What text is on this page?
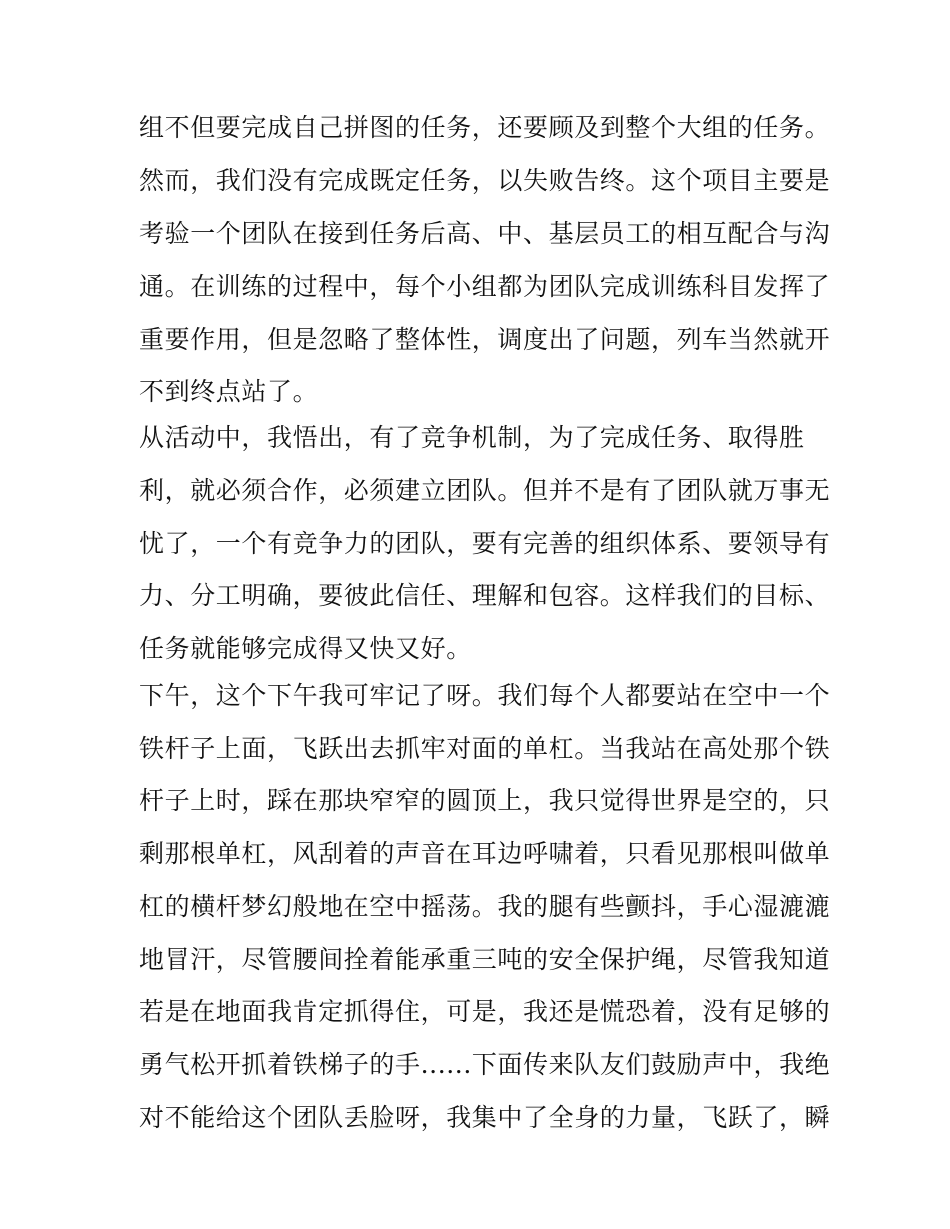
组不但要完成自己拼图的任务，还要顾及到整个大组的任务。
然而，我们没有完成既定任务，以失败告终。这个项目主要是
考验一个团队在接到任务后高、中、基层员工的相互配合与沟
通。在训练的过程中，每个小组都为团队完成训练科目发挥了
重要作用，但是忽略了整体性，调度出了问题，列车当然就开
不到终点站了。
从活动中，我悟出，有了竞争机制，为了完成任务、取得胜
利，就必须合作，必须建立团队。但并不是有了团队就万事无
忧了，一个有竞争力的团队，要有完善的组织体系、要领导有
力、分工明确，要彼此信任、理解和包容。这样我们的目标、
任务就能够完成得又快又好。
下午，这个下午我可牢记了呀。我们每个人都要站在空中一个
铁杆子上面，飞跃出去抓牢对面的单杠。当我站在高处那个铁
杆子上时，踩在那块窄窄的圆顶上，我只觉得世界是空的，只
剩那根单杠，风刮着的声音在耳边呼啸着，只看见那根叫做单
杠的横杆梦幻般地在空中摇荡。我的腿有些颤抖，手心湿漉漉
地冒汗，尽管腰间拴着能承重三吨的安全保护绳，尽管我知道
若是在地面我肯定抓得住，可是，我还是慌恐着，没有足够的
勇气松开抓着铁梯子的手......下面传来队友们鼓励声中，我绝
对不能给这个团队丢脸呀，我集中了全身的力量，飞跃了，瞬
